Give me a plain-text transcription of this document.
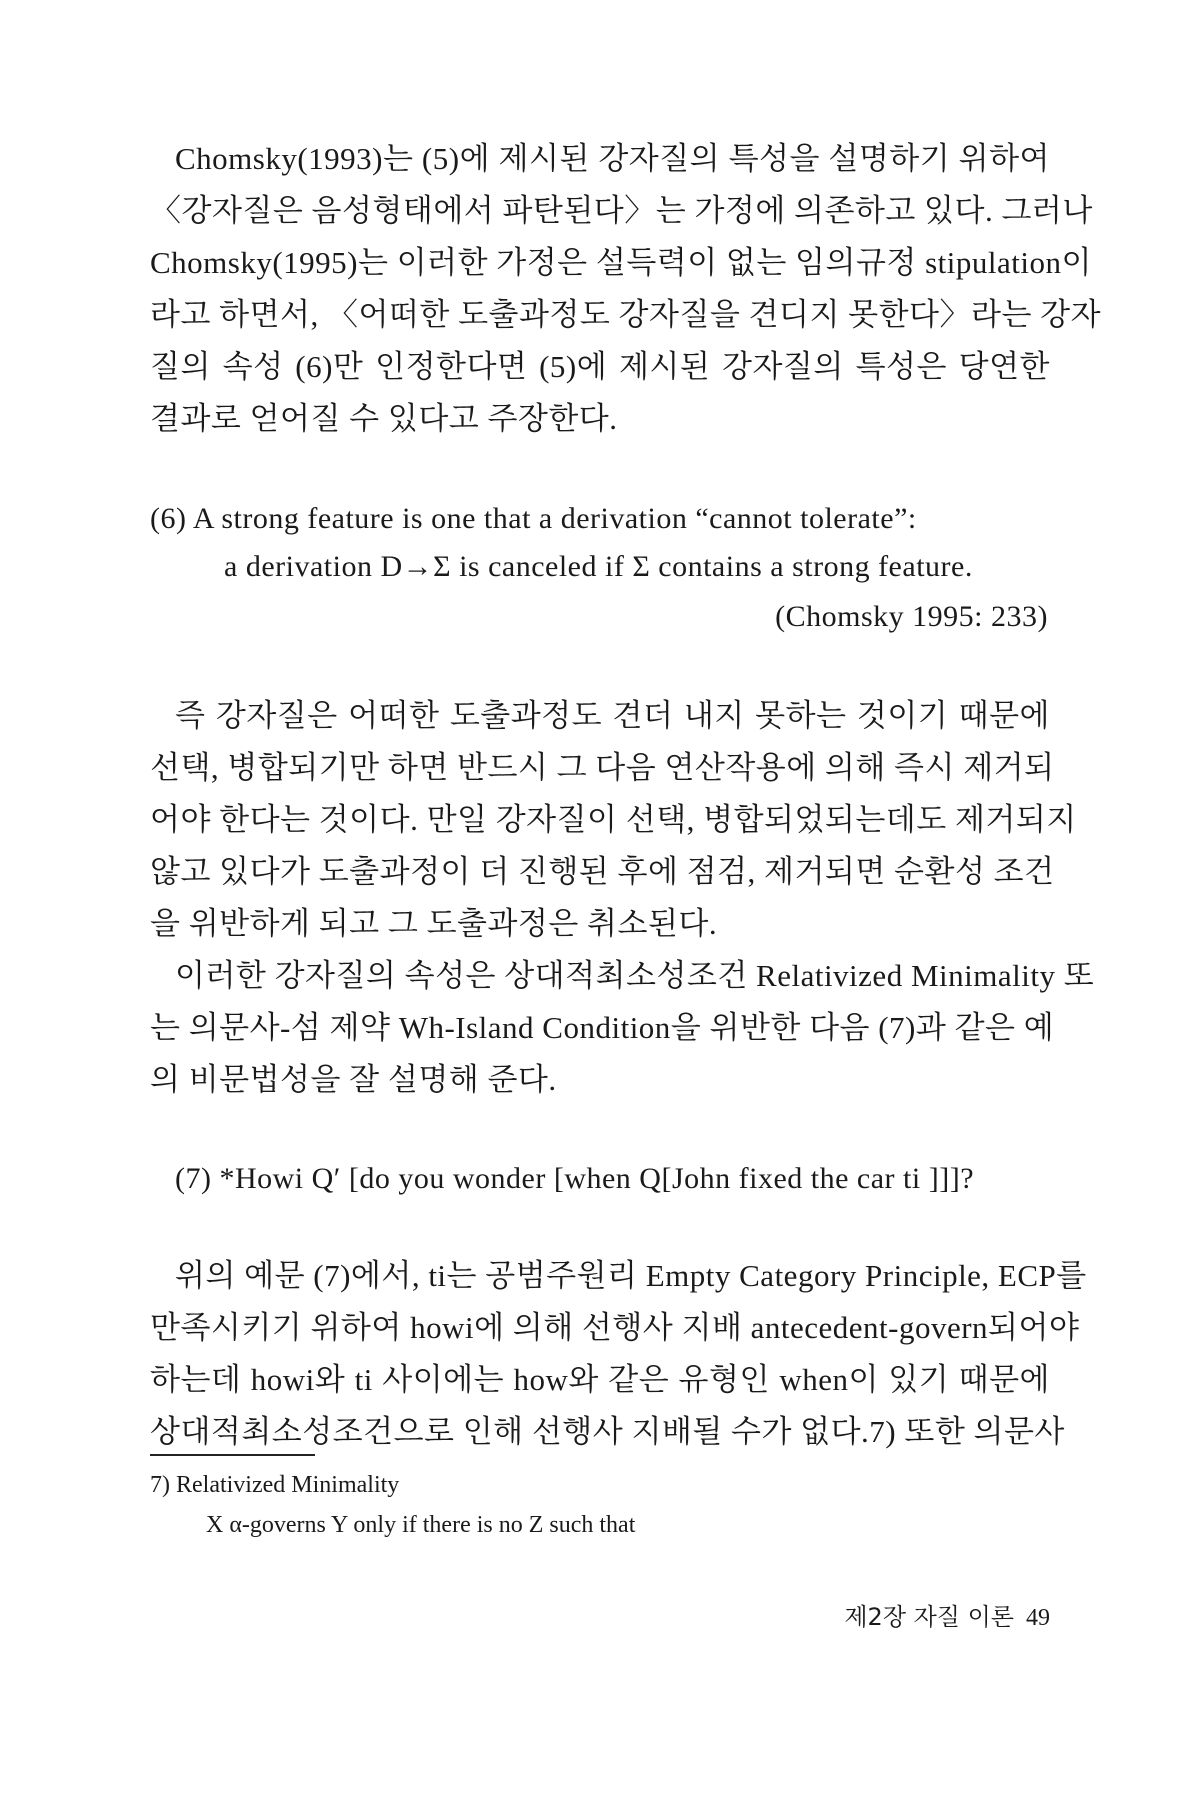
Chomsky(1993)는 (5)에 제시된 강자질의 특성을 설명하기 위하여

〈강자질은 음성형태에서 파탄된다〉는 가정에 의존하고 있다. 그러나

Chomsky(1995)는 이러한 가정은 설득력이 없는 임의규정 stipulation이

라고 하면서, 〈어떠한 도출과정도 강자질을 견디지 못한다〉라는 강자

질의 속성 (6)만 인정한다면 (5)에 제시된 강자질의 특성은 당연한

결과로 얻어질 수 있다고 주장한다.

(6) A strong feature is one that a derivation “cannot tolerate”:

a derivation D→Σ is canceled if Σ contains a strong feature.

(Chomsky 1995: 233)

즉 강자질은 어떠한 도출과정도 견더 내지 못하는 것이기 때문에

선택, 병합되기만 하면 반드시 그 다음 연산작용에 의해 즉시 제거되

어야 한다는 것이다. 만일 강자질이 선택, 병합되었되는데도 제거되지

않고 있다가 도출과정이 더 진행된 후에 점검, 제거되면 순환성 조건

을 위반하게 되고 그 도출과정은 취소된다.

이러한 강자질의 속성은 상대적최소성조건 Relativized Minimality 또

는 의문사-섬 제약 Wh-Island Condition을 위반한 다음 (7)과 같은 예

의 비문법성을 잘 설명해 준다.

(7) *Howi Q′ [do you wonder [when Q[John fixed the car ti ]]]?

위의 예문 (7)에서, ti는 공범주원리 Empty Category Principle, ECP를

만족시키기 위하여 howi에 의해 선행사 지배 antecedent-govern되어야

하는데 howi와 ti 사이에는 how와 같은 유형인 when이 있기 때문에

상대적최소성조건으로 인해 선행사 지배될 수가 없다.7) 또한 의문사

7) Relativized Minimality

X α-governs Y only if there is no Z such that

제2장 자질 이론 49
